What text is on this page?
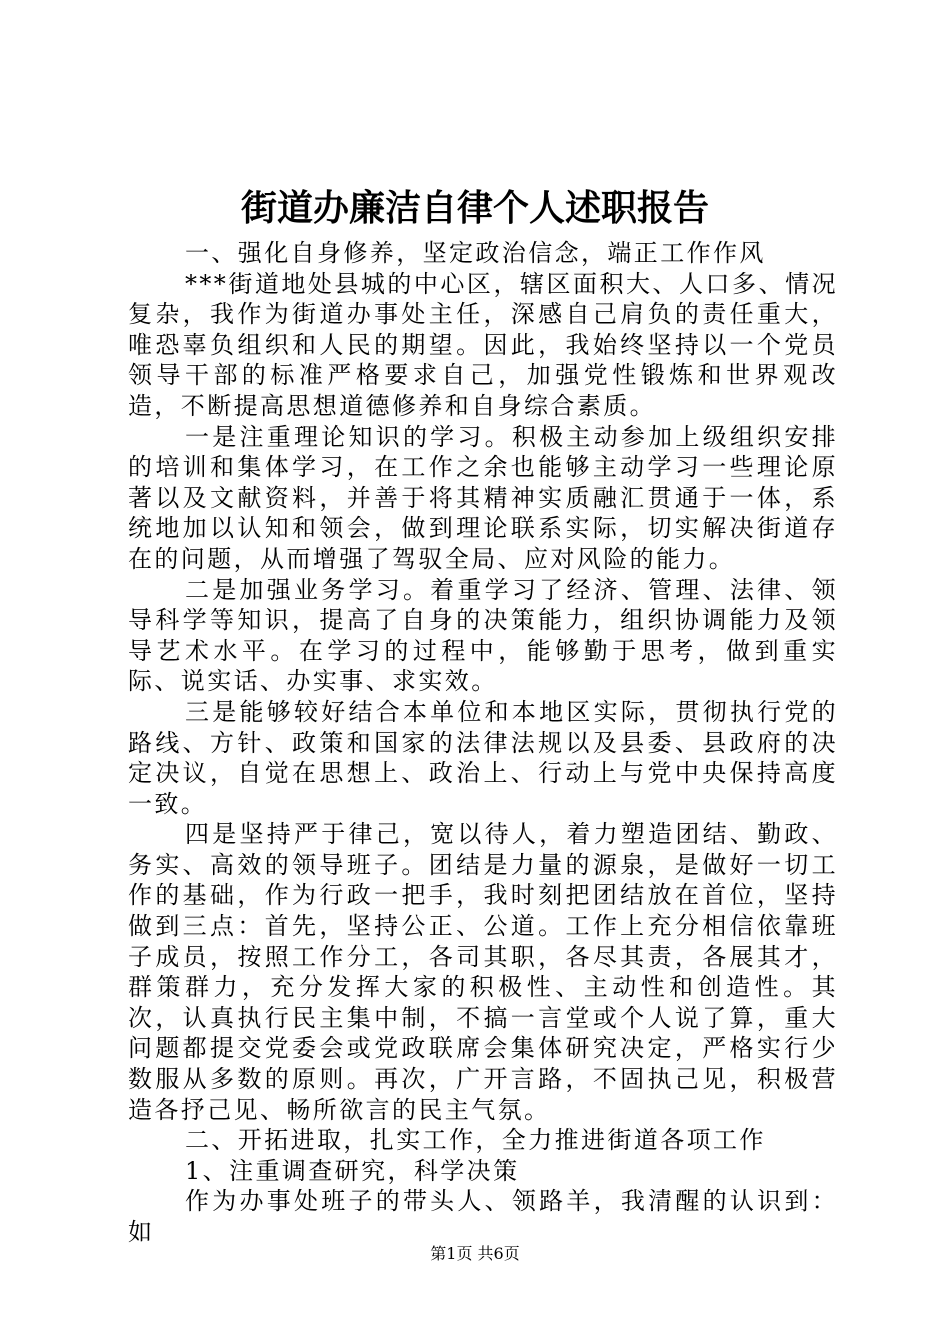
街道办廉洁自律个人述职报告

一、强化自身修养，坚定政治信念，端正工作作风

***街道地处县城的中心区，辖区面积大、人口多、情况复杂，我作为街道办事处主任，深感自己肩负的责任重大，唯恐辜负组织和人民的期望。因此，我始终坚持以一个党员领导干部的标准严格要求自己，加强党性锻炼和世界观改造，不断提高思想道德修养和自身综合素质。

一是注重理论知识的学习。积极主动参加上级组织安排的培训和集体学习，在工作之余也能够主动学习一些理论原著以及文献资料，并善于将其精神实质融汇贯通于一体，系统地加以认知和领会，做到理论联系实际，切实解决街道存在的问题，从而增强了驾驭全局、应对风险的能力。

二是加强业务学习。着重学习了经济、管理、法律、领导科学等知识，提高了自身的决策能力，组织协调能力及领导艺术水平。在学习的过程中，能够勤于思考，做到重实际、说实话、办实事、求实效。

三是能够较好结合本单位和本地区实际，贯彻执行党的路线、方针、政策和国家的法律法规以及县委、县政府的决定决议，自觉在思想上、政治上、行动上与党中央保持高度一致。

四是坚持严于律己，宽以待人，着力塑造团结、勤政、务实、高效的领导班子。团结是力量的源泉，是做好一切工作的基础，作为行政一把手，我时刻把团结放在首位，坚持做到三点：首先，坚持公正、公道。工作上充分相信依靠班子成员，按照工作分工，各司其职，各尽其责，各展其才，群策群力，充分发挥大家的积极性、主动性和创造性。其次，认真执行民主集中制，不搞一言堂或个人说了算，重大问题都提交党委会或党政联席会集体研究决定，严格实行少数服从多数的原则。再次，广开言路，不固执己见，积极营造各抒己见、畅所欲言的民主气氛。

二、开拓进取，扎实工作，全力推进街道各项工作

1、注重调查研究，科学决策

作为办事处班子的带头人、领路羊，我清醒的认识到：如

第1页 共6页
